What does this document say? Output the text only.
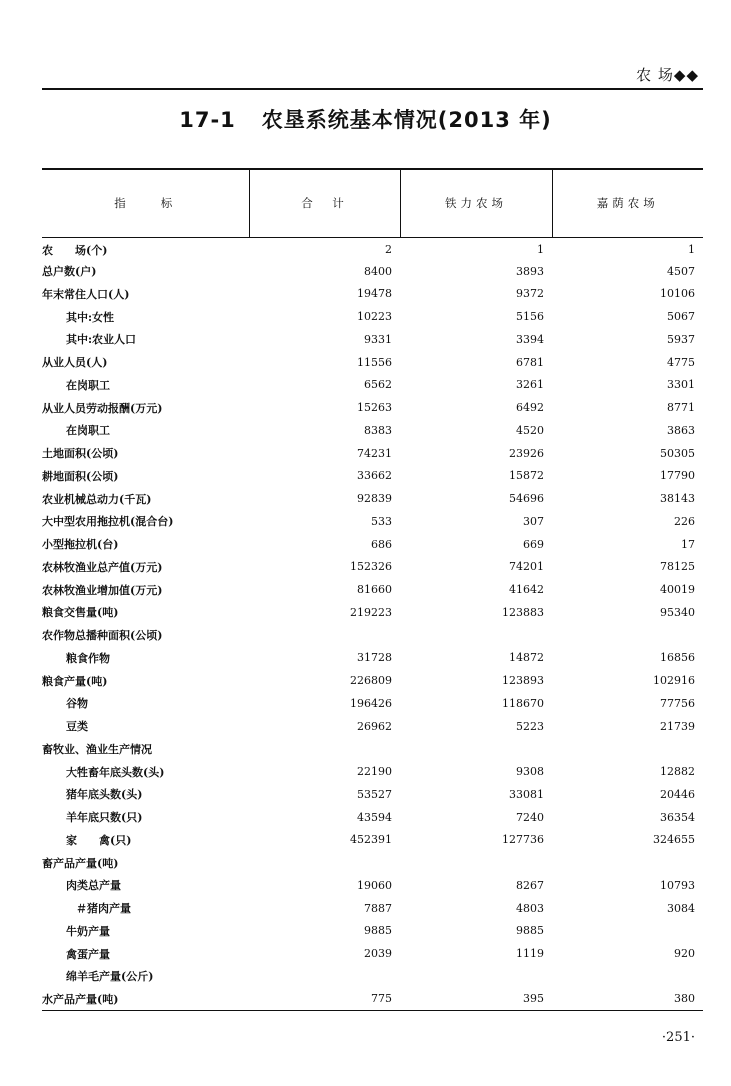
农 场◆◆
17-1 农垦系统基本情况(2013 年)
指　　标	合　计	铁力农场	嘉荫农场
农　　场(个)	2	1	1
总户数(户)	8400	3893	4507
年末常住人口(人)	19478	9372	10106
其中:女性	10223	5156	5067
其中:农业人口	9331	3394	5937
从业人员(人)	11556	6781	4775
在岗职工	6562	3261	3301
从业人员劳动报酬(万元)	15263	6492	8771
在岗职工	8383	4520	3863
土地面积(公顷)	74231	23926	50305
耕地面积(公顷)	33662	15872	17790
农业机械总动力(千瓦)	92839	54696	38143
大中型农用拖拉机(混合台)	533	307	226
小型拖拉机(台)	686	669	17
农林牧渔业总产值(万元)	152326	74201	78125
农林牧渔业增加值(万元)	81660	41642	40019
粮食交售量(吨)	219223	123883	95340
农作物总播种面积(公顷)			
粮食作物	31728	14872	16856
粮食产量(吨)	226809	123893	102916
谷物	196426	118670	77756
豆类	26962	5223	21739
畜牧业、渔业生产情况			
大牲畜年底头数(头)	22190	9308	12882
猪年底头数(头)	53527	33081	20446
羊年底只数(只)	43594	7240	36354
家　　禽(只)	452391	127736	324655
畜产品产量(吨)			
肉类总产量	19060	8267	10793
＃猪肉产量	7887	4803	3084
牛奶产量	9885	9885	
禽蛋产量	2039	1119	920
绵羊毛产量(公斤)			
水产品产量(吨)	775	395	380
·251·
